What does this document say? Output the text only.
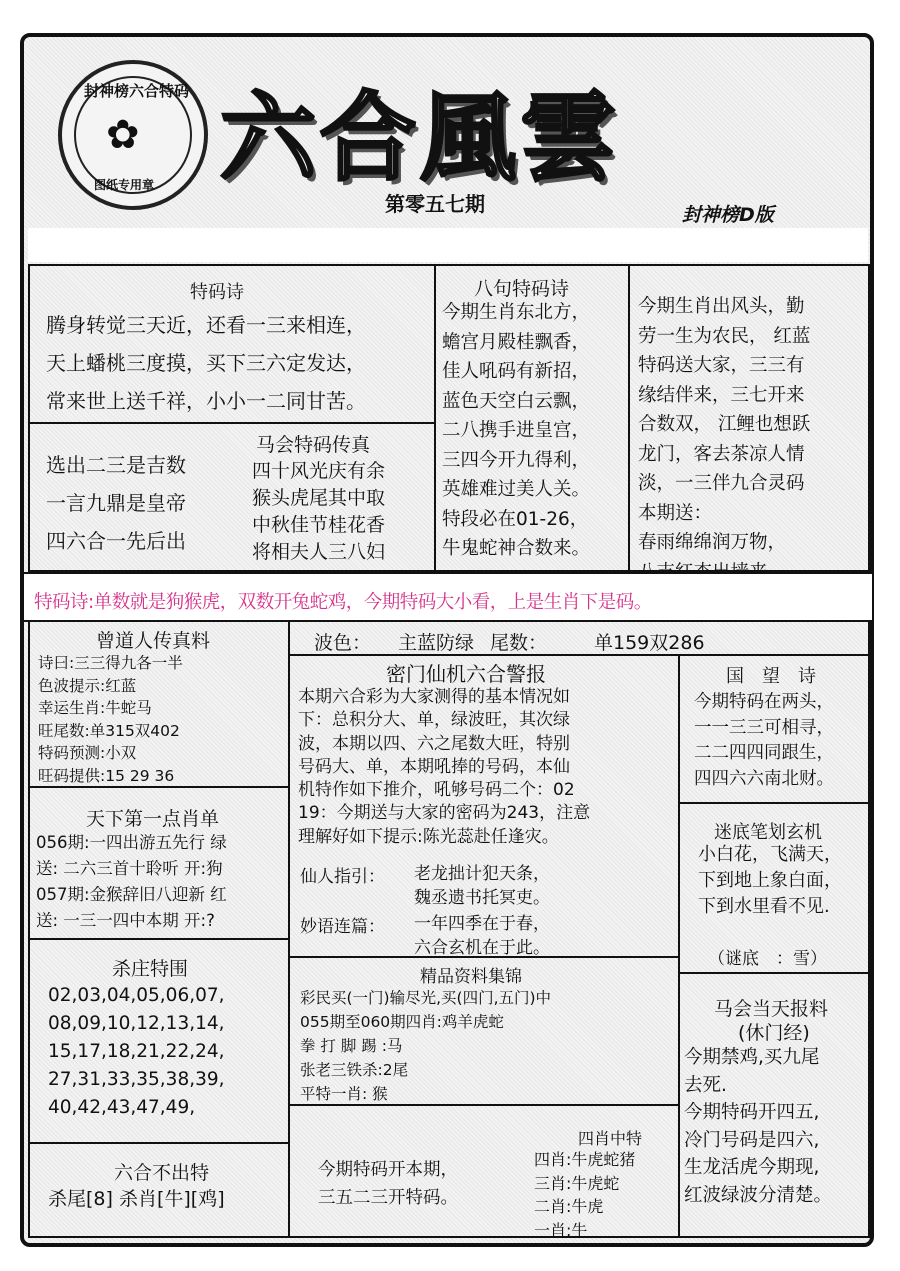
封神榜六合特码
✿
图纸专用章 六合風雲
第零五七期	封神榜D版
特码诗
腾身转觉三天近，还看一三来相连，
天上蟠桃三度摸，买下三六定发达，
常来世上送千祥，小小一二同甘苦。
选出二三是吉数
一言九鼎是皇帝
四六合一先后出
马会特码传真
四十风光庆有余
猴头虎尾其中取
中秋佳节桂花香
将相夫人三八妇
八句特码诗
今期生肖东北方，
蟾宫月殿桂飘香，
佳人吼码有新招，
蓝色天空白云飘，
二八携手进皇宫，
三四今开九得利，
英雄难过美人关。
特段必在01-26，
牛鬼蛇神合数来。
今期生肖出风头，勤
劳一生为农民， 红蓝
特码送大家，三三有
缘结伴来，三七开来
合数双， 江鲤也想跃
龙门，客去茶凉人情
淡，一三伴九合灵码
本期送：
春雨绵绵润万物，
特码诗:单数就是狗猴虎，双数开兔蛇鸡，今期特码大小看，上是生肖下是码。
曾道人传真料
诗曰:三三得九各一半
色波提示:红蓝
幸运生肖:牛蛇马
旺尾数:单315双402
特码预测:小双
旺码提供:15 29 36
天下第一点肖单
056期:一四出游五先行 绿
送: 二六三首十聆听 开:狗
057期:金猴辞旧八迎新 红
送: 一三一四中本期 开:?
杀庄特围
02,03,04,05,06,07,
08,09,10,12,13,14,
15,17,18,21,22,24,
27,31,33,35,38,39,
40,42,43,47,49,
六合不出特
杀尾[8] 杀肖[牛][鸡]
波色： 主蓝防绿 尾数： 单159双286
密门仙机六合警报
本期六合彩为大家测得的基本情况如
下：总积分大、单，绿波旺，其次绿
波，本期以四、六之尾数大旺，特别
号码大、单，本期吼捧的号码，本仙
机特作如下推介，吼够号码二个：02
19：今期送与大家的密码为243，注意
理解好如下提示:陈光蕊赴任逢灾。
仙人指引： 老龙拙计犯天条，
魏丞遗书托冥吏。
妙语连篇： 一年四季在于春，
六合玄机在于此。
精品资料集锦
彩民买(一门)输尽光,买(四门,五门)中
055期至060期四肖:鸡羊虎蛇
拳 打 脚 踢 :马
张老三铁杀:2尾
平特一肖: 猴
今期特码开本期，
三五二三开特码。
四肖中特
四肖:牛虎蛇猪
三肖:牛虎蛇
二肖:牛虎
一肖:牛
国　望　诗
今期特码在两头，
一一三三可相寻，
二二四四同跟生，
四四六六南北财。
迷底笔划玄机
小白花，飞满天，
下到地上象白面，
下到水里看不见.
（谜底　：雪）
马会当天报料
(休门经)
今期禁鸡,买九尾
去死.
今期特码开四五,
冷门号码是四六,
生龙活虎今期现,
红波绿波分清楚。
